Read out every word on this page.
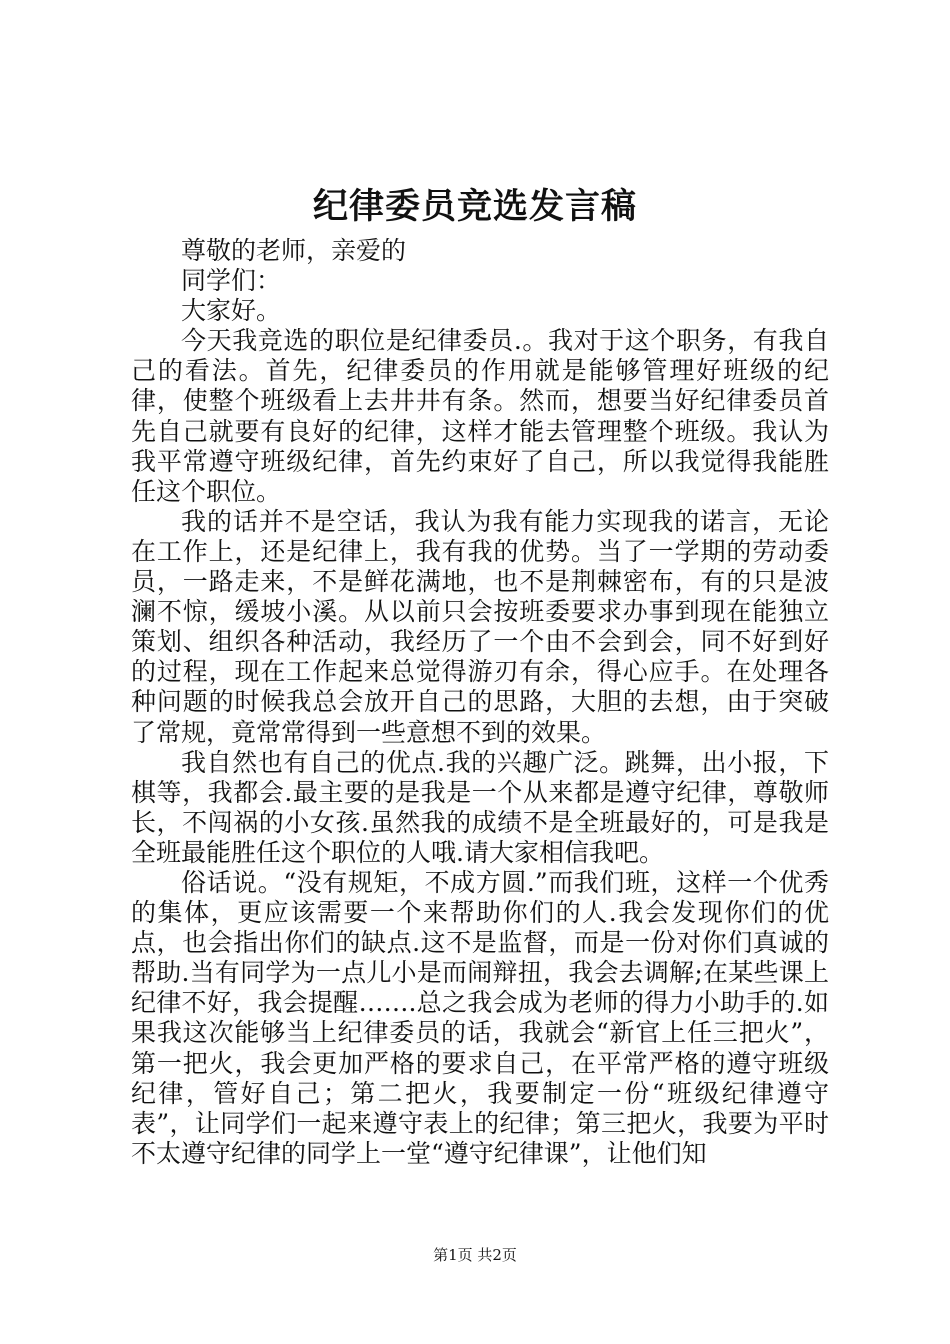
纪律委员竞选发言稿

尊敬的老师，亲爱的

同学们：

大家好。

今天我竞选的职位是纪律委员.。我对于这个职务，有我自己的看法。首先，纪律委员的作用就是能够管理好班级的纪律，使整个班级看上去井井有条。然而，想要当好纪律委员首先自己就要有良好的纪律，这样才能去管理整个班级。我认为我平常遵守班级纪律，首先约束好了自己，所以我觉得我能胜任这个职位。

我的话并不是空话，我认为我有能力实现我的诺言，无论在工作上，还是纪律上，我有我的优势。当了一学期的劳动委员，一路走来，不是鲜花满地，也不是荆棘密布，有的只是波澜不惊，缓坡小溪。从以前只会按班委要求办事到现在能独立策划、组织各种活动，我经历了一个由不会到会，同不好到好的过程，现在工作起来总觉得游刃有余，得心应手。在处理各种问题的时候我总会放开自己的思路，大胆的去想，由于突破了常规，竟常常得到一些意想不到的效果。

我自然也有自己的优点.我的兴趣广泛。跳舞，出小报，下棋等，我都会.最主要的是我是一个从来都是遵守纪律，尊敬师长，不闯祸的小女孩.虽然我的成绩不是全班最好的，可是我是全班最能胜任这个职位的人哦.请大家相信我吧。

俗话说。“没有规矩，不成方圆.”而我们班，这样一个优秀的集体，更应该需要一个来帮助你们的人.我会发现你们的优点，也会指出你们的缺点.这不是监督，而是一份对你们真诚的帮助.当有同学为一点儿小是而闹辩扭，我会去调解;在某些课上纪律不好，我会提醒…….总之我会成为老师的得力小助手的.如果我这次能够当上纪律委员的话，我就会“新官上任三把火”，第一把火，我会更加严格的要求自己，在平常严格的遵守班级纪律，管好自己；第二把火，我要制定一份“班级纪律遵守表”，让同学们一起来遵守表上的纪律；第三把火，我要为平时不太遵守纪律的同学上一堂“遵守纪律课”，让他们知

第1页 共2页
